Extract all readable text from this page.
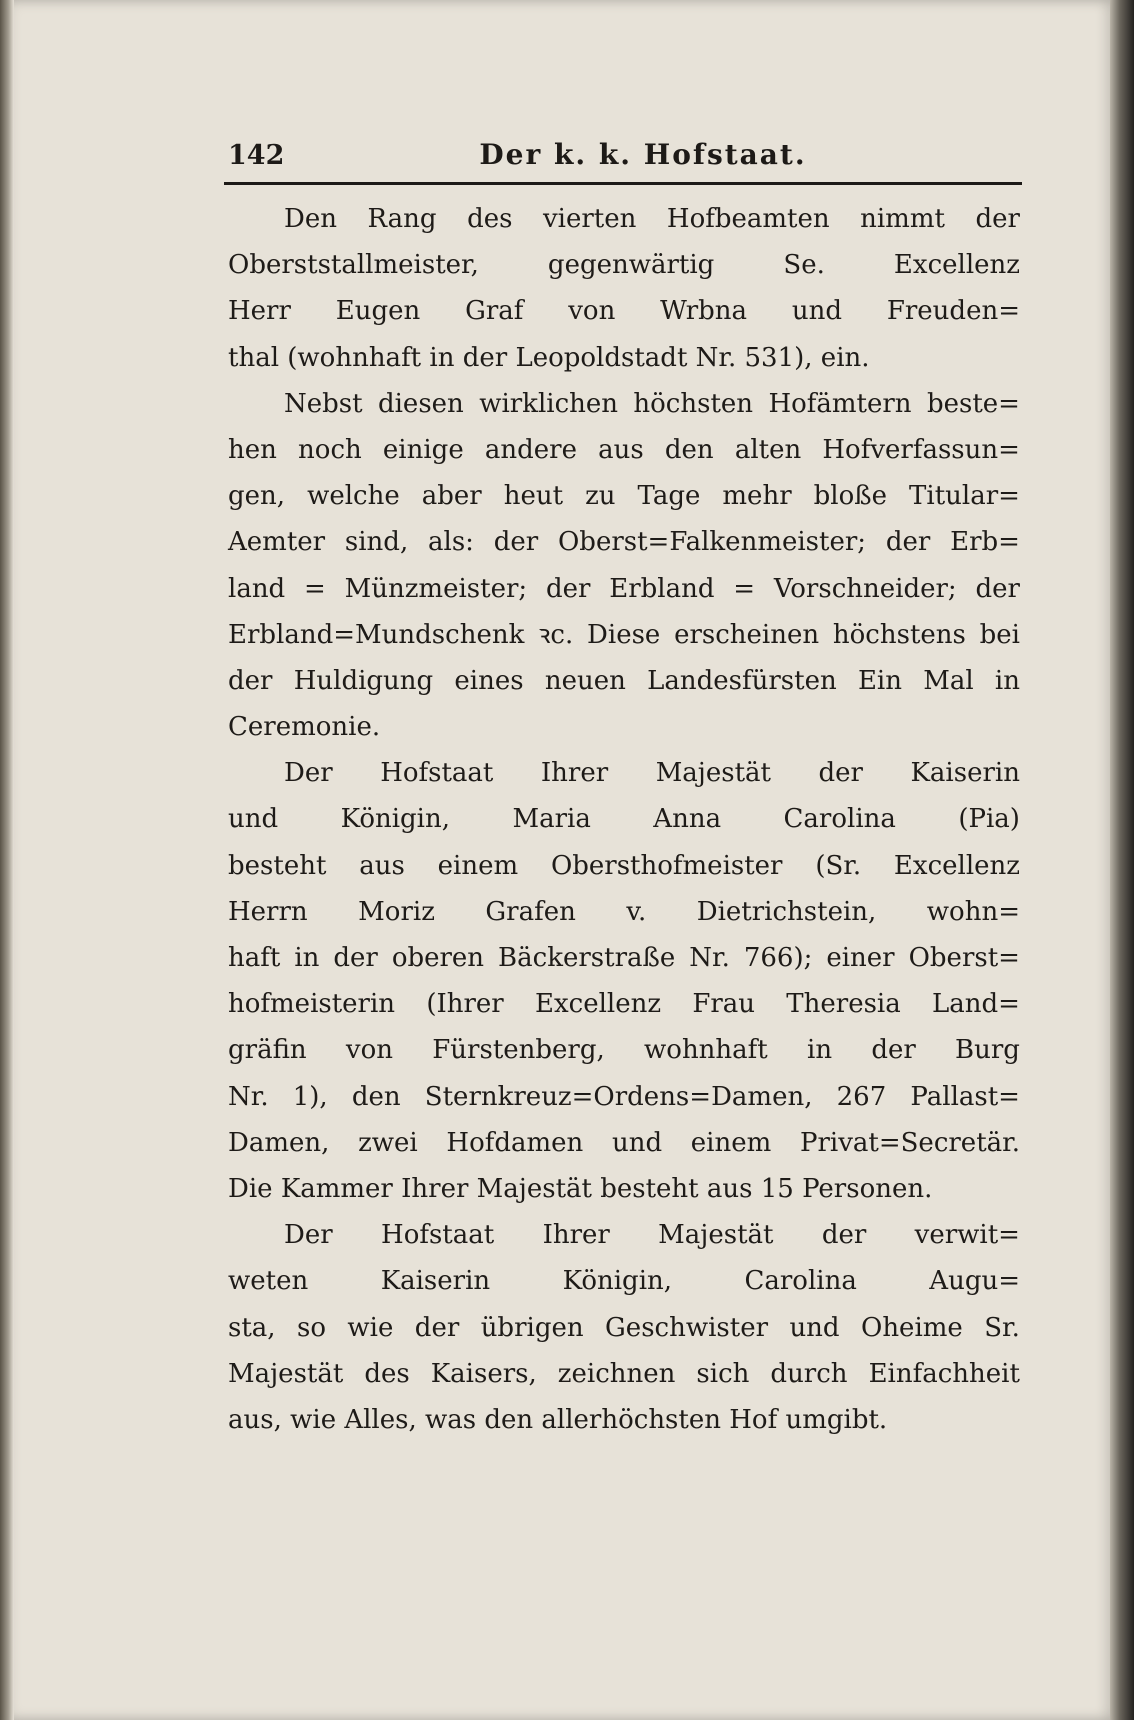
142	Der k. k. Hofstaat.
Den Rang des vierten Hofbeamten nimmt der
Oberststallmeister,	gegenwärtig	Se.	Excellenz
Herr Eugen Graf von Wrbna und Freuden=
thal (wohnhaft in der Leopoldstadt Nr. 531), ein.
Nebst diesen wirklichen höchsten Hofämtern beste=
hen noch einige andere aus den alten Hofverfassun=
gen, welche aber heut zu Tage mehr bloße Titular=
Aemter sind, als: der Oberst=Falkenmeister; der Erb=
land = Münzmeister; der Erbland = Vorschneider; der
Erbland=Mundschenk ꝛc. Diese erscheinen höchstens bei
der Huldigung eines neuen Landesfürsten Ein Mal in
Ceremonie.
Der Hofstaat Ihrer Majestät der Kaiserin
und Königin, Maria Anna Carolina (Pia)
besteht aus einem Obersthofmeister (Sr. Excellenz
Herrn Moriz Grafen v. Dietrichstein, wohn=
haft in der oberen Bäckerstraße Nr. 766); einer Oberst=
hofmeisterin (Ihrer Excellenz Frau Theresia Land=
gräfin von Fürstenberg, wohnhaft in der Burg
Nr. 1), den Sternkreuz=Ordens=Damen, 267 Pallast=
Damen, zwei Hofdamen und einem Privat=Secretär.
Die Kammer Ihrer Majestät besteht aus 15 Personen.
Der Hofstaat Ihrer Majestät der verwit=
weten	Kaiserin	Königin,	Carolina	Augu=
sta, so wie der übrigen Geschwister und Oheime Sr.
Majestät des Kaisers, zeichnen sich durch Einfachheit
aus, wie Alles, was den allerhöchsten Hof umgibt.
